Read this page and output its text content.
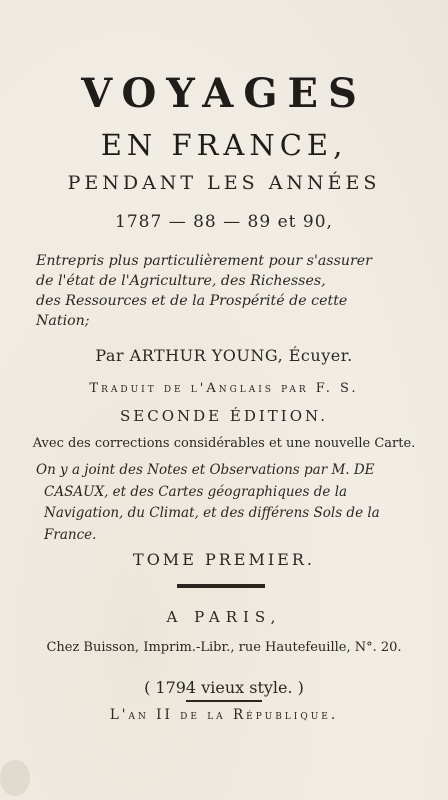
VOYAGES
EN FRANCE,
PENDANT LES ANNÉES
1787 — 88 — 89 et 90,
Entrepris plus particulièrement pour s'assurer
de l'état de l'Agriculture, des Richesses,
des Ressources et de la Prospérité de cette
Nation;
Par ARTHUR YOUNG, Écuyer.
Traduit de l'Anglais par F. S.
SECONDE ÉDITION.
Avec des corrections considérables et une nouvelle Carte.
On y a joint des Notes et Observations par M. DE
CASAUX, et des Cartes géographiques de la
Navigation, du Climat, et des différens Sols de la
France.
TOME PREMIER.
A PARIS,
Chez Buisson, Imprim.-Libr., rue Hautefeuille, N°. 20.
( 1794 vieux style. )
L'an II de la République.
